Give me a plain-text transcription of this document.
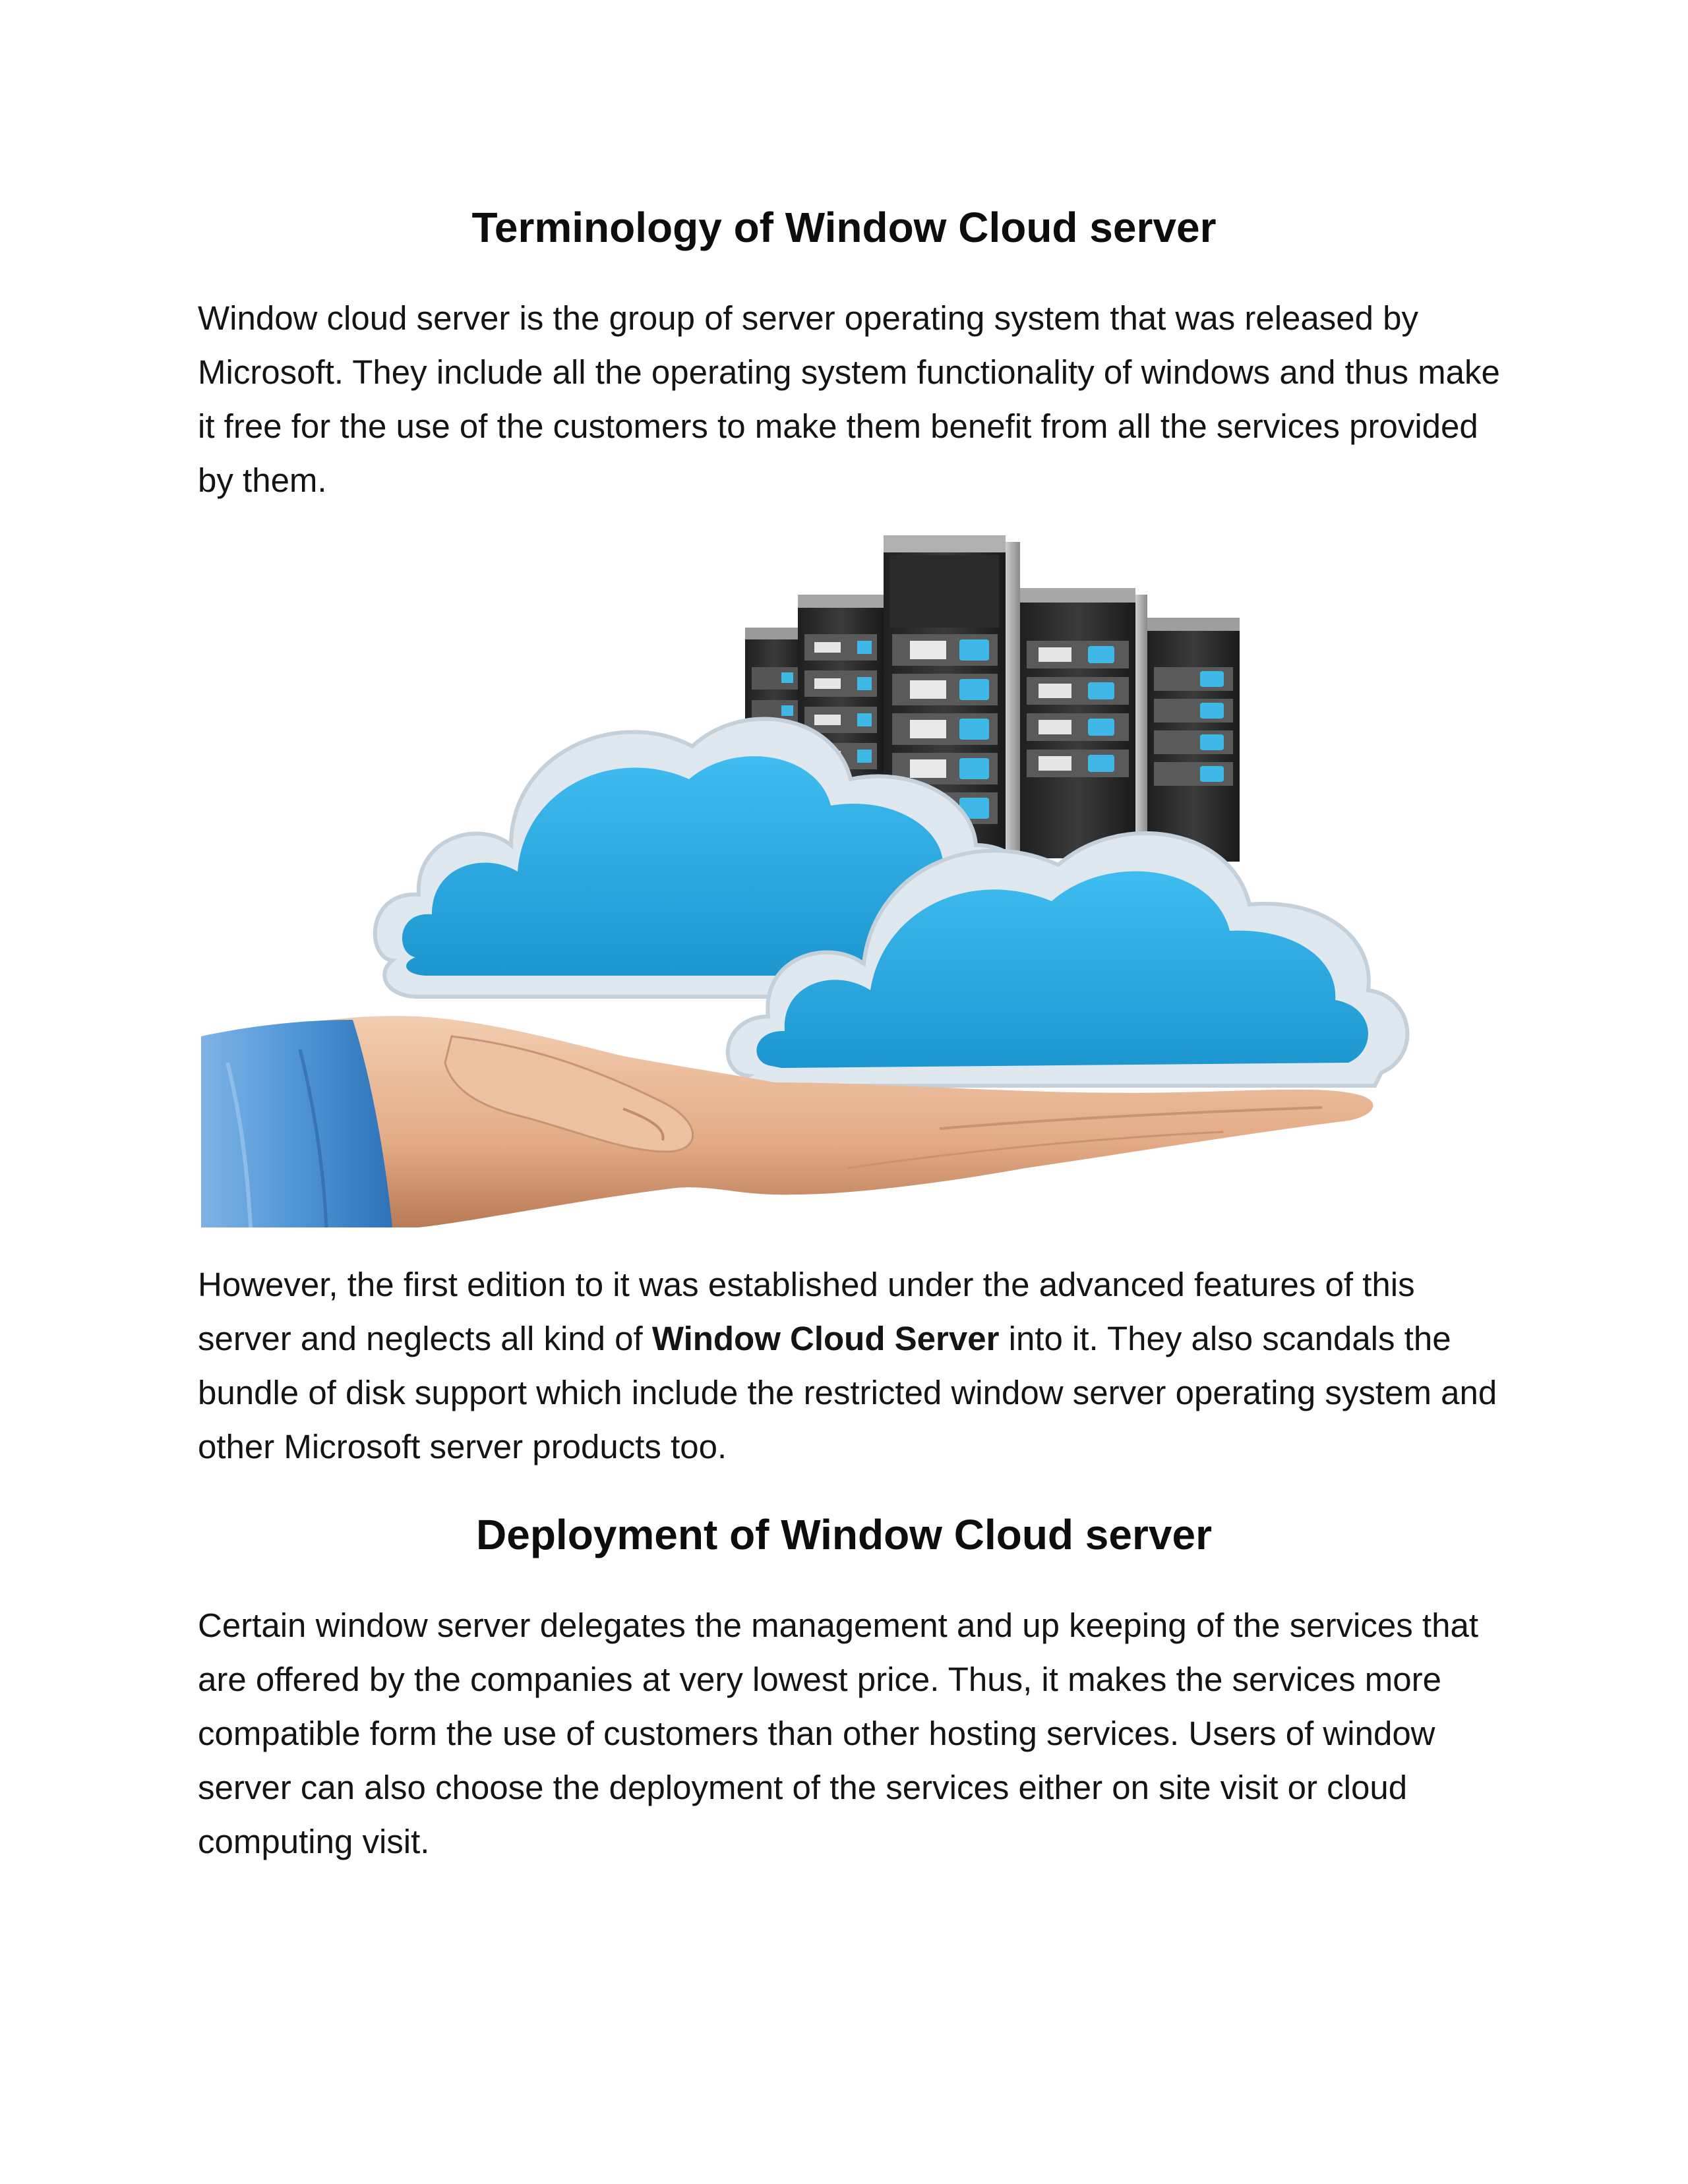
Terminology of Window Cloud server

Window cloud server is the group of server operating system that was released by Microsoft. They include all the operating system functionality of windows and thus make it free for the use of the customers to make them benefit from all the services provided by them.

However, the first edition to it was established under the advanced features of this server and neglects all kind of Window Cloud Server into it. They also scandals the bundle of disk support which include the restricted window server operating system and other Microsoft server products too.

Deployment of Window Cloud server

Certain window server delegates the management and up keeping of the services that are offered by the companies at very lowest price. Thus, it makes the services more compatible form the use of customers than other hosting services. Users of window server can also choose the deployment of the services either on site visit or cloud computing visit.
